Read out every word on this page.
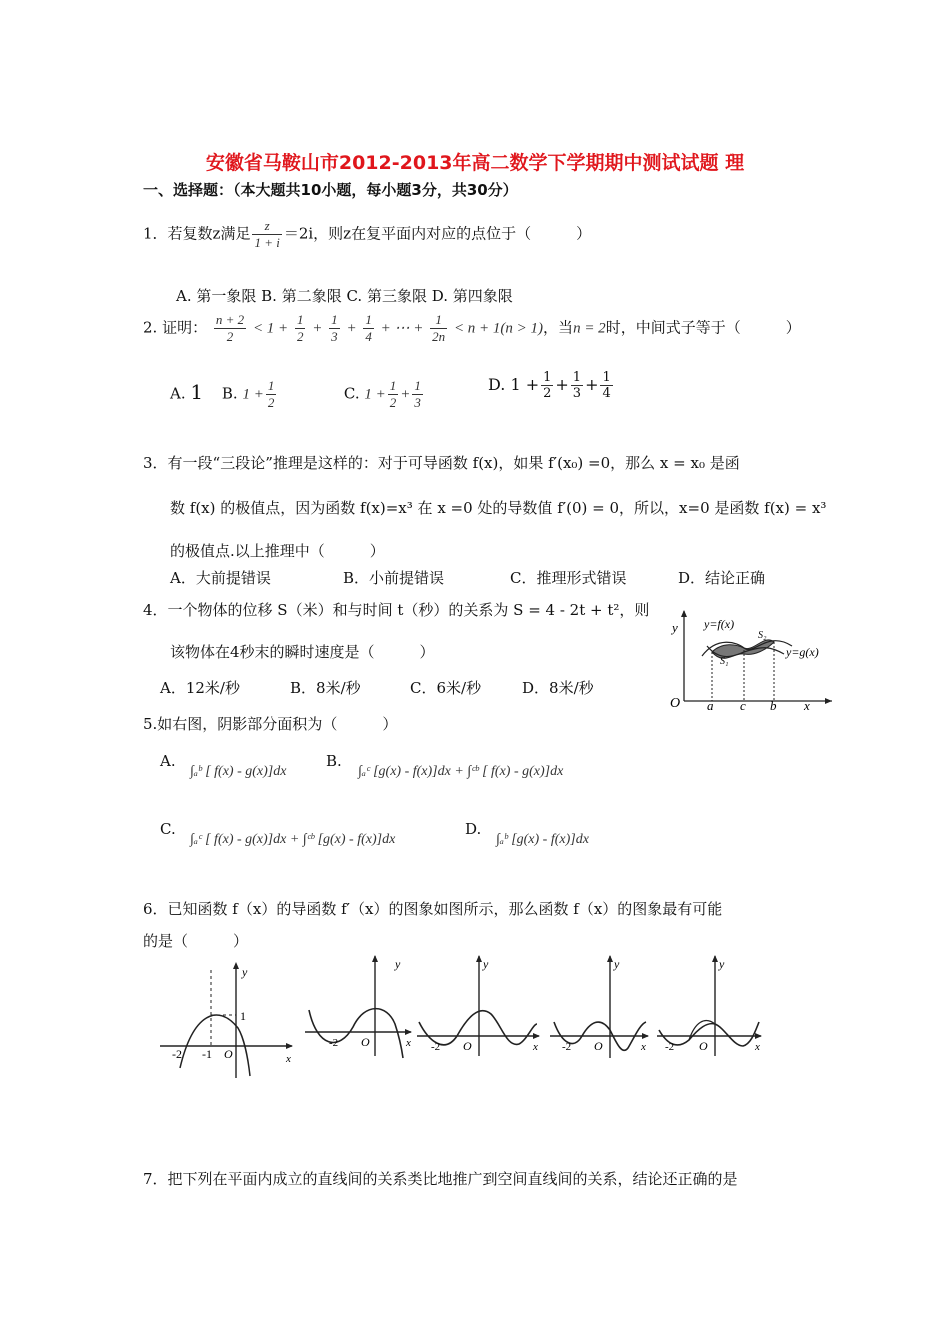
安徽省马鞍山市2012-2013年高二数学下学期期中测试试题 理
一、选择题：（本大题共10小题，每小题3分，共30分）
1．若复数z满足 $\frac{z}{1 + i} =2i$，则z在复平面内对应的点位于（　　　）
A. 第一象限 B. 第二象限 C. 第三象限 D. 第四象限
2. 证明： $\frac{n + 2}{2} < 1 + \frac{1}{2} + \frac{1}{3} + \frac{1}{4}$ + ⋯ + $\frac{1}{2n} < n + 1(n > 1)$，当n = 2时，中间式子等于（　　　）
A. 1 B. $1 + \frac{1}{2}$	C. $1 + \frac{1}{2} + \frac{1}{3}$	D. $1 + \frac{1}{2} + \frac{1}{3} + \frac{1}{4}$
3．有一段“三段论”推理是这样的：对于可导函数 f(x)，如果 f′(x₀) =0，那么 x = x₀ 是函
数 f(x) 的极值点，因为函数 f(x)=x³ 在 x =0 处的导数值 f′(0) = 0，所以，x=0 是函数 f(x) = x³
的极值点.以上推理中（　　　）
A．大前提错误	B．小前提错误	C．推理形式错误	D．结论正确
4．一个物体的位移 S（米）和与时间 t（秒）的关系为 S = 4 - 2t + t²，则
该物体在4秒末的瞬时速度是（　　　）
A．12米/秒	B．8米/秒	C．6米/秒	D．8米/秒
y
O a c b x
y=f(x)
y=g(x)
S₁
S₂
5.如右图，阴影部分面积为（　　　）
A.
∫ₐᵇ [ f(x) - g(x)]dx
B.
∫ₐᶜ [g(x) - f(x)]dx + ∫ᶜᵇ [ f(x) - g(x)]dx
C.
∫ₐᶜ [ f(x) - g(x)]dx + ∫ᶜᵇ [g(x) - f(x)]dx
D.
∫ₐᵇ [g(x) - f(x)]dx
6．已知函数 f（x）的导函数 f′（x）的图象如图所示，那么函数 f（x）的图象最有可能
的是（　　　）
y
1
-2 -1 O	x
y
-2 O	x
y
-2 O	x
y
-2 O	x
y
-2 O	x
7．把下列在平面内成立的直线间的关系类比地推广到空间直线间的关系，结论还正确的是
